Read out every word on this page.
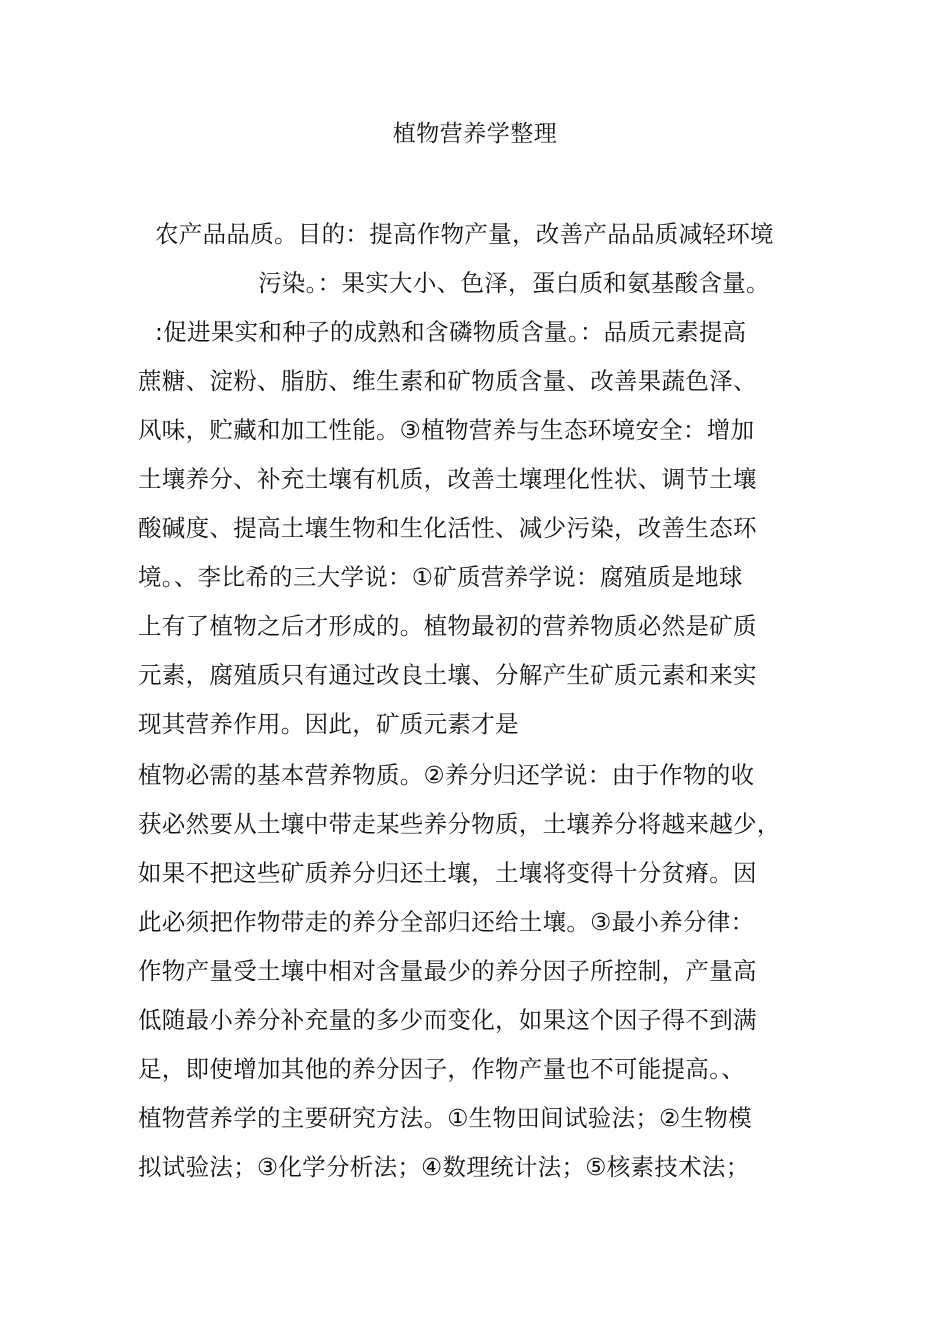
植物营养学整理
农产品品质。目的：提高作物产量，改善产品品质减轻环境
污染。：果实大小、色泽，蛋白质和氨基酸含量。
:促进果实和种子的成熟和含磷物质含量。：品质元素提高
蔗糖、淀粉、脂肪、维生素和矿物质含量、改善果蔬色泽、
风味，贮藏和加工性能。③植物营养与生态环境安全：增加
土壤养分、补充土壤有机质，改善土壤理化性状、调节土壤
酸碱度、提高土壤生物和生化活性、减少污染，改善生态环
境。、李比希的三大学说：①矿质营养学说：腐殖质是地球
上有了植物之后才形成的。植物最初的营养物质必然是矿质
元素，腐殖质只有通过改良土壤、分解产生矿质元素和来实
现其营养作用。因此，矿质元素才是
植物必需的基本营养物质。②养分归还学说：由于作物的收
获必然要从土壤中带走某些养分物质，土壤养分将越来越少，
如果不把这些矿质养分归还土壤，土壤将变得十分贫瘠。因
此必须把作物带走的养分全部归还给土壤。③最小养分律：
作物产量受土壤中相对含量最少的养分因子所控制，产量高
低随最小养分补充量的多少而变化，如果这个因子得不到满
足，即使增加其他的养分因子，作物产量也不可能提高。、
植物营养学的主要研究方法。①生物田间试验法；②生物模
拟试验法；③化学分析法；④数理统计法；⑤核素技术法；
